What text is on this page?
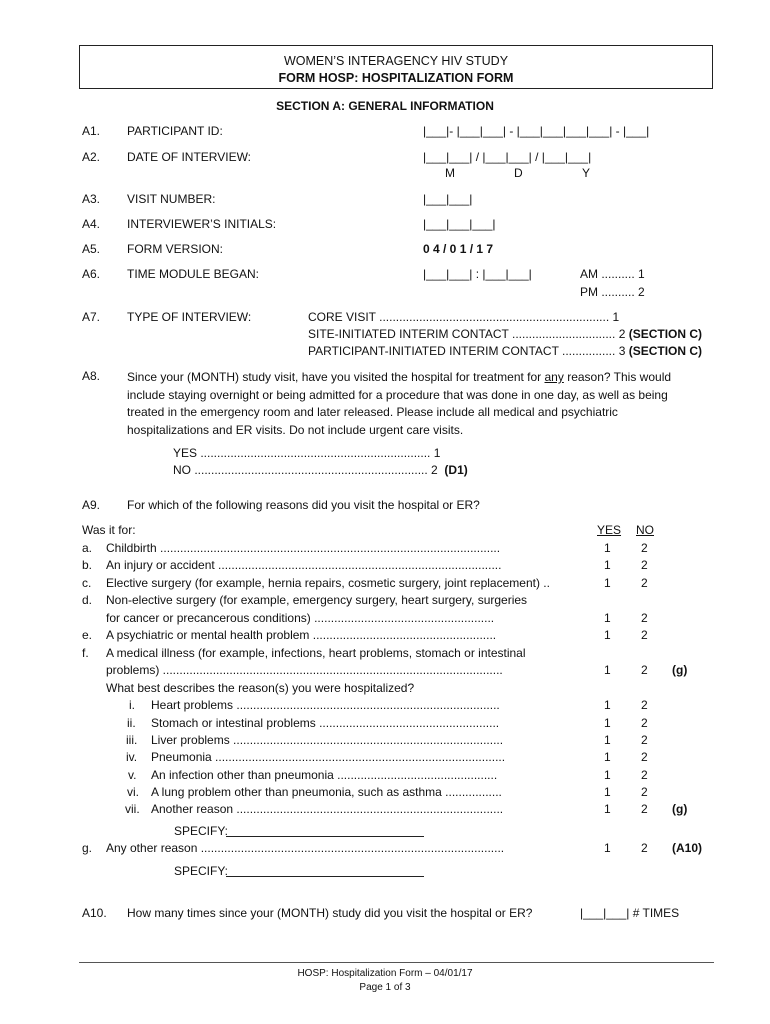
WOMEN’S INTERAGENCY HIV STUDY
FORM HOSP: HOSPITALIZATION FORM
SECTION A: GENERAL INFORMATION
A1. PARTICIPANT ID:	|___|- |___|___| - |___|___|___|___| - |___|
A2. DATE OF INTERVIEW:	|___|___| / |___|___| / |___|___|
M	D	Y
A3. VISIT NUMBER:	|___|___|
A4. INTERVIEWER’S INITIALS:	|___|___|___|
A5. FORM VERSION:	0 4 / 0 1 / 1 7
A6. TIME MODULE BEGAN:	|___|___| : |___|___|	AM .......... 1
PM .......... 2
A7. TYPE OF INTERVIEW:	CORE VISIT ..................................................................... 1
SITE-INITIATED INTERIM CONTACT ............................... 2 (SECTION C)
PARTICIPANT-INITIATED INTERIM CONTACT ................ 3 (SECTION C)
A8. Since your (MONTH) study visit, have you visited the hospital for treatment for any reason? This would include staying overnight or being admitted for a procedure that was done in one day, as well as being treated in the emergency room and later released. Please include all medical and psychiatric hospitalizations and ER visits. Do not include urgent care visits.
YES ..................................................................... 1
NO ...................................................................... 2 (D1)
A9. For which of the following reasons did you visit the hospital or ER?
Was it for:	YES NO
a. Childbirth ......................................................................................................	1	2
b. An injury or accident .....................................................................................	1	2
c. Elective surgery (for example, hernia repairs, cosmetic surgery, joint replacement) ..	1	2
d. Non-elective surgery (for example, emergency surgery, heart surgery, surgeries
for cancer or precancerous conditions) ......................................................	1	2
e. A psychiatric or mental health problem .......................................................	1	2
f. A medical illness (for example, infections, heart problems, stomach or intestinal
problems) ......................................................................................................	1	2 (g)
What best describes the reason(s) you were hospitalized?
i. Heart problems ...............................................................................	1	2
ii. Stomach or intestinal problems ......................................................	1	2
iii. Liver problems .................................................................................	1	2
iv. Pneumonia .......................................................................................	1	2
v. An infection other than pneumonia ................................................	1	2
vi. A lung problem other than pneumonia, such as asthma .................	1	2
vii. Another reason ................................................................................	1	2 (g)
SPECIFY:
g. Any other reason ...........................................................................................	1	2 (A10)
SPECIFY:
A10. How many times since your (MONTH) study did you visit the hospital or ER?	|___|___| # TIMES
HOSP: Hospitalization Form – 04/01/17
Page 1 of 3
